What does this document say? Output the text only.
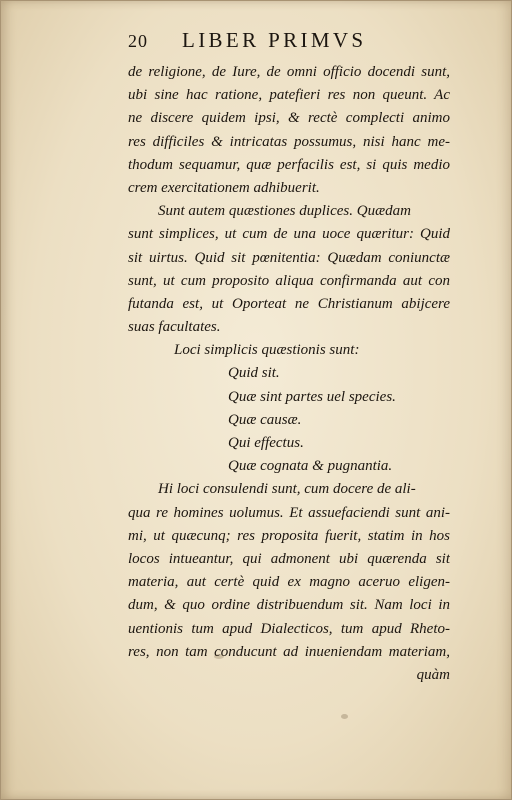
20	LIBER PRIMVS
de religione, de Iure, de omni officio docendi sunt,
ubi sine hac ratione, patefieri res non queunt. Ac
ne discere quidem ipsi, & rectè complecti animo
res difficiles & intricatas possumus, nisi hanc me-
thodum sequamur, quæ perfacilis est, si quis medio
crem exercitationem adhibuerit.
Sunt autem quæstiones duplices. Quædam
sunt simplices, ut cum de una uoce quæritur: Quid
sit uirtus. Quid sit pœnitentia: Quædam coniunctæ
sunt, ut cum proposito aliqua confirmanda aut con
futanda est, ut Oporteat ne Christianum abijcere
suas facultates.
Loci simplicis quæstionis sunt:
Quid sit.
Quæ sint partes uel species.
Quæ causæ.
Qui effectus.
Quæ cognata & pugnantia.
Hi loci consulendi sunt, cum docere de ali-
qua re homines uolumus. Et assuefaciendi sunt ani-
mi, ut quæcunq; res proposita fuerit, statim in hos
locos intueantur, qui admonent ubi quærenda sit
materia, aut certè quid ex magno aceruo eligen-
dum, & quo ordine distribuendum sit. Nam loci in
uentionis tum apud Dialecticos, tum apud Rheto-
res, non tam conducunt ad inueniendam materiam,
quàm
